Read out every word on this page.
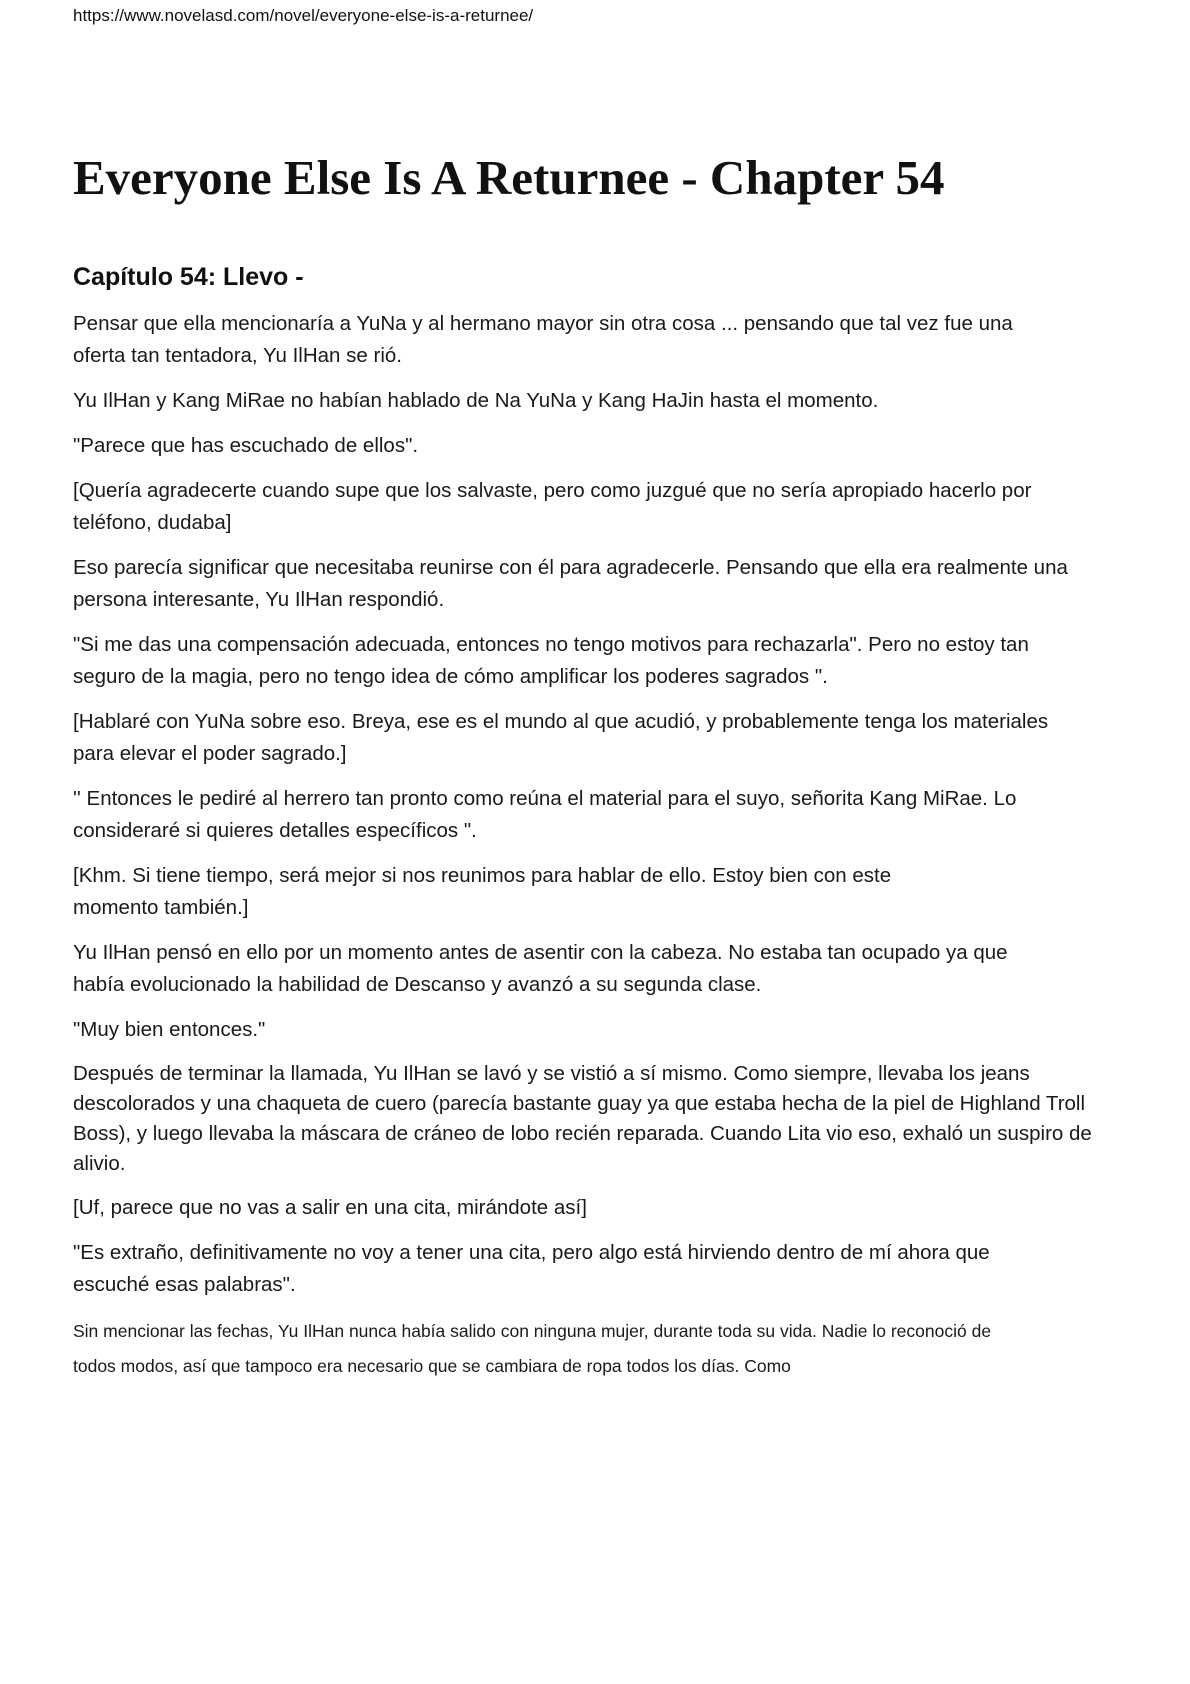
https://www.novelasd.com/novel/everyone-else-is-a-returnee/
Everyone Else Is A Returnee - Chapter 54
Capítulo 54: Llevo -

Pensar que ella mencionaría a YuNa y al hermano mayor sin otra cosa ... pensando que tal vez fue una oferta tan tentadora, Yu IlHan se rió.

Yu IlHan y Kang MiRae no habían hablado de Na YuNa y Kang HaJin hasta el momento.

"Parece que has escuchado de ellos".

[Quería agradecerte cuando supe que los salvaste, pero como juzgué que no sería apropiado hacerlo por teléfono, dudaba]

Eso parecía significar que necesitaba reunirse con él para agradecerle. Pensando que ella era realmente una persona interesante, Yu IlHan respondió.

"Si me das una compensación adecuada, entonces no tengo motivos para rechazarla". Pero no estoy tan seguro de la magia, pero no tengo idea de cómo amplificar los poderes sagrados ".

[Hablaré con YuNa sobre eso. Breya, ese es el mundo al que acudió, y probablemente tenga los materiales para elevar el poder sagrado.]

'' Entonces le pediré al herrero tan pronto como reúna el material para el suyo, señorita Kang MiRae. Lo consideraré si quieres detalles específicos ".

[Khm. Si tiene tiempo, será mejor si nos reunimos para hablar de ello. Estoy bien con este momento también.]

Yu IlHan pensó en ello por un momento antes de asentir con la cabeza. No estaba tan ocupado ya que había evolucionado la habilidad de Descanso y avanzó a su segunda clase.

"Muy bien entonces."

Después de terminar la llamada, Yu IlHan se lavó y se vistió a sí mismo. Como siempre, llevaba los jeans descolorados y una chaqueta de cuero (parecía bastante guay ya que estaba hecha de la piel de Highland Troll Boss), y luego llevaba la máscara de cráneo de lobo recién reparada. Cuando Lita vio eso, exhaló un suspiro de alivio.

[Uf, parece que no vas a salir en una cita, mirándote así]

"Es extraño, definitivamente no voy a tener una cita, pero algo está hirviendo dentro de mí ahora que escuché esas palabras".

Sin mencionar las fechas, Yu IlHan nunca había salido con ninguna mujer, durante toda su vida. Nadie lo reconoció de todos modos, así que tampoco era necesario que se cambiara de ropa todos los días. Como
